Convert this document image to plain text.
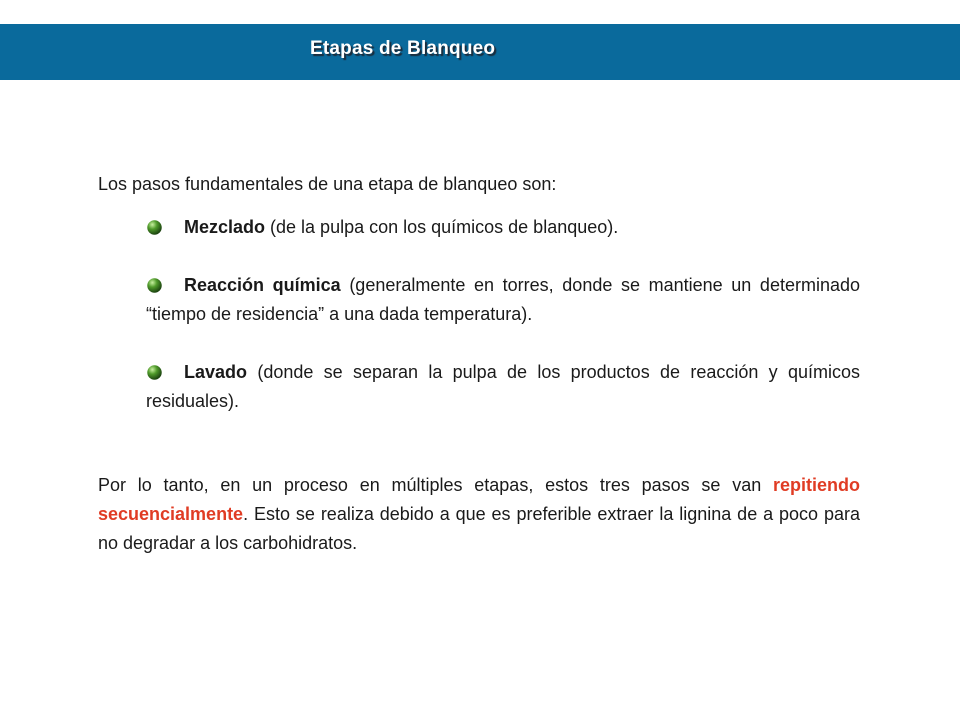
Etapas de Blanqueo

Los pasos fundamentales de una etapa de blanqueo son:

Mezclado (de la pulpa con los químicos de blanqueo).
Reacción química (generalmente en torres, donde se mantiene un determinado “tiempo de residencia” a una dada temperatura).
Lavado (donde se separan la pulpa de los productos de reacción y químicos residuales).

Por lo tanto, en un proceso en múltiples etapas, estos tres pasos se van repitiendo secuencialmente. Esto se realiza debido a que es preferible extraer la lignina de a poco para no degradar a los carbohidratos.
